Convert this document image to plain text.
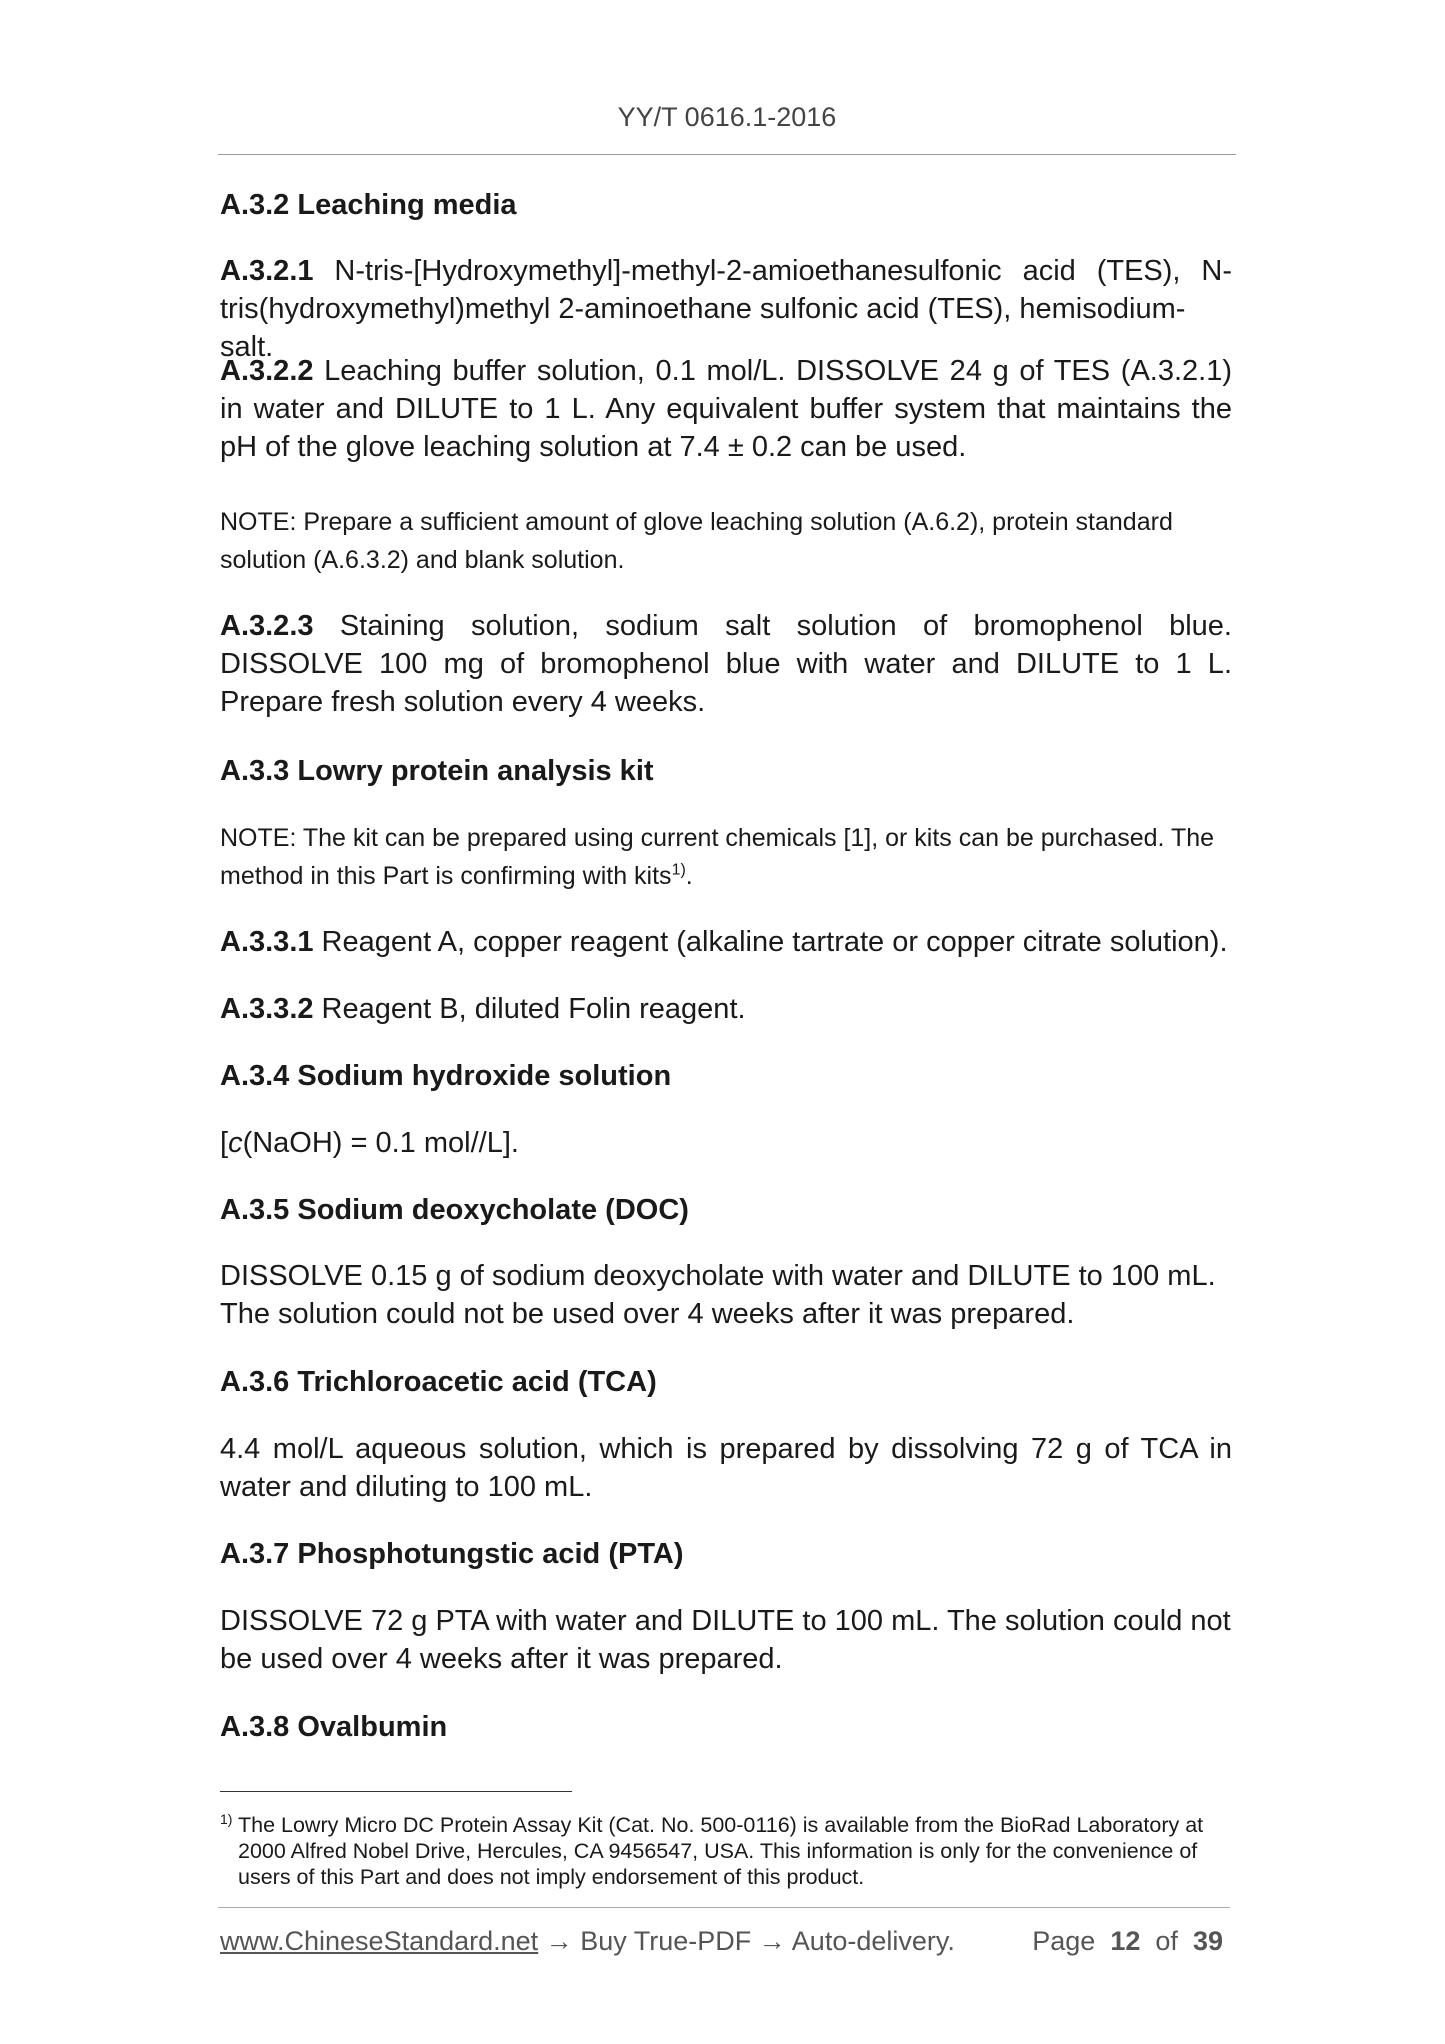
YY/T 0616.1-2016
A.3.2 Leaching media
A.3.2.1 N-tris-[Hydroxymethyl]-methyl-2-amioethanesulfonic acid (TES), N-
tris(hydroxymethyl)methyl 2-aminoethane sulfonic acid (TES), hemisodium-salt.

A.3.2.2 Leaching buffer solution, 0.1 mol/L. DISSOLVE 24 g of TES (A.3.2.1) in water and DILUTE to 1 L. Any equivalent buffer system that maintains the pH of the glove leaching solution at 7.4 ± 0.2 can be used.

NOTE: Prepare a sufficient amount of glove leaching solution (A.6.2), protein standard solution (A.6.3.2) and blank solution.

A.3.2.3 Staining solution, sodium salt solution of bromophenol blue. DISSOLVE 100 mg of bromophenol blue with water and DILUTE to 1 L. Prepare fresh solution every 4 weeks.

A.3.3 Lowry protein analysis kit

NOTE: The kit can be prepared using current chemicals [1], or kits can be purchased. The method in this Part is confirming with kits$^{1)}$.

A.3.3.1 Reagent A, copper reagent (alkaline tartrate or copper citrate solution).

A.3.3.2 Reagent B, diluted Folin reagent.

A.3.4 Sodium hydroxide solution

[c(NaOH) = 0.1 mol//L].

A.3.5 Sodium deoxycholate (DOC)

DISSOLVE 0.15 g of sodium deoxycholate with water and DILUTE to 100 mL. The solution could not be used over 4 weeks after it was prepared.

A.3.6 Trichloroacetic acid (TCA)

4.4 mol/L aqueous solution, which is prepared by dissolving 72 g of TCA in water and diluting to 100 mL.

A.3.7 Phosphotungstic acid (PTA)

DISSOLVE 72 g PTA with water and DILUTE to 100 mL. The solution could not be used over 4 weeks after it was prepared.

A.3.8 Ovalbumin
1) The Lowry Micro DC Protein Assay Kit (Cat. No. 500-0116) is available from the BioRad Laboratory at 2000 Alfred Nobel Drive, Hercules, CA 9456547, USA. This information is only for the convenience of users of this Part and does not imply endorsement of this product.
www.ChineseStandard.net → Buy True-PDF → Auto-delivery.	Page 12 of 39
